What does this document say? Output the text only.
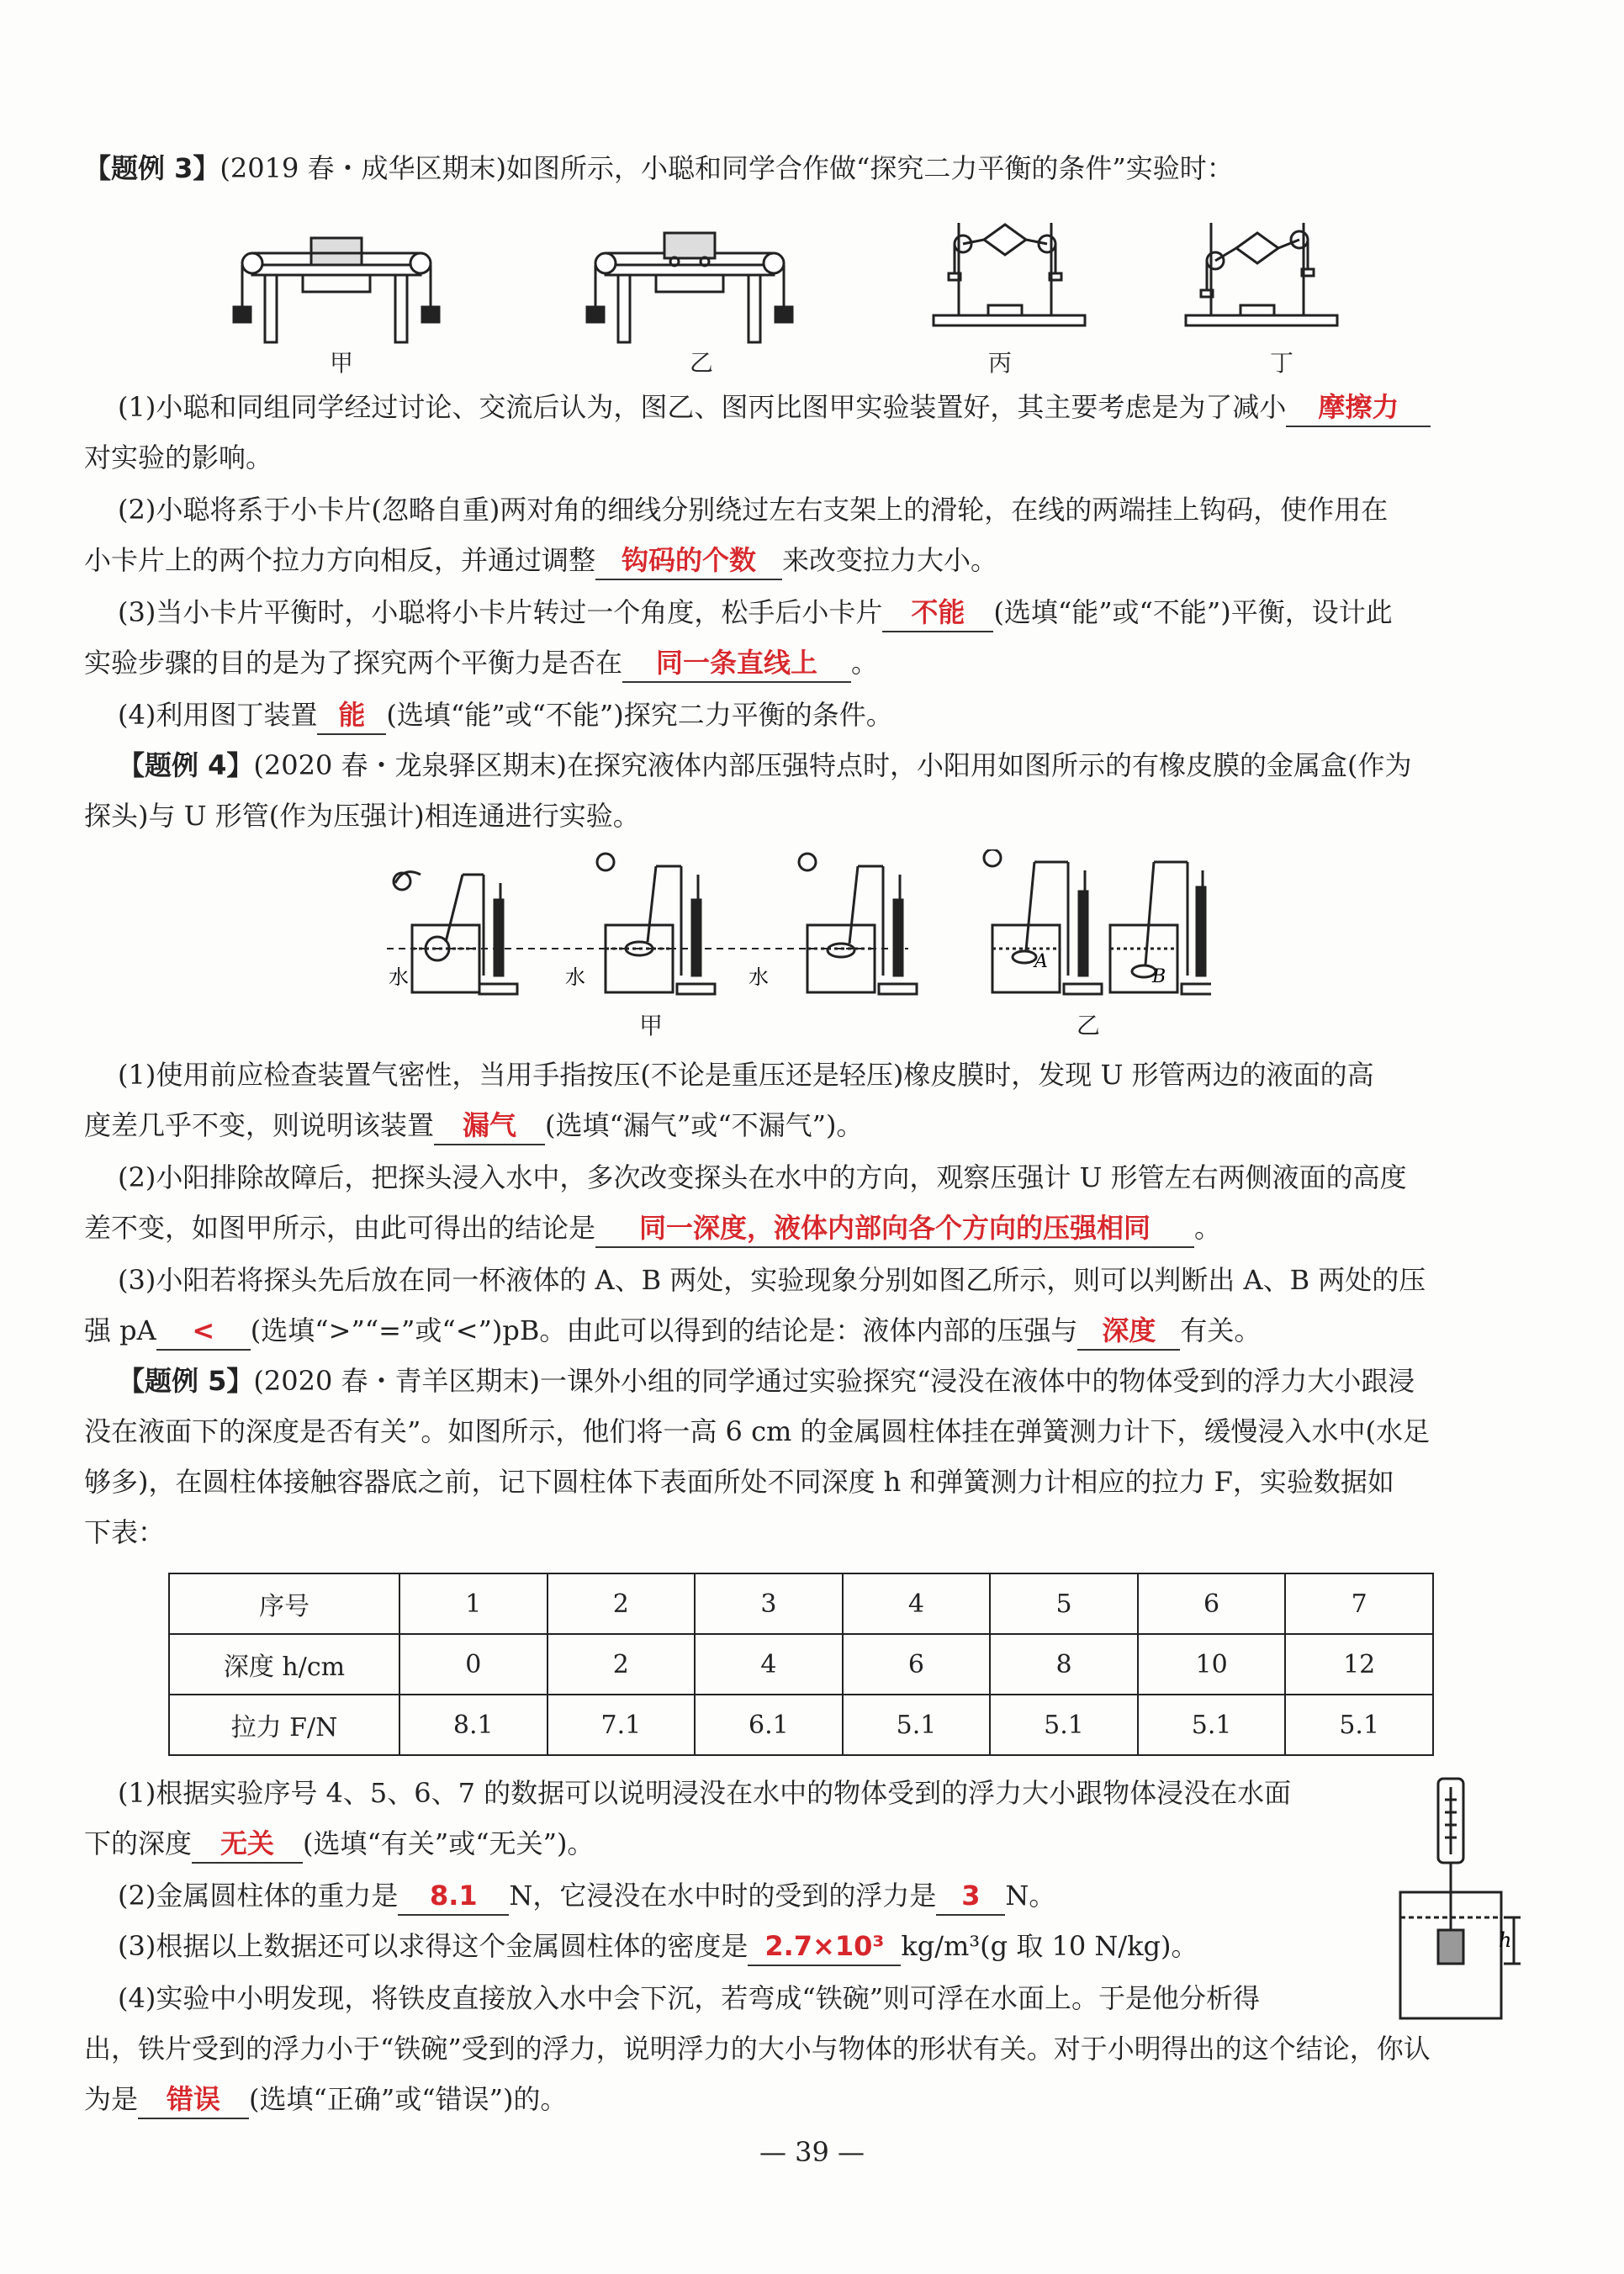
【题例 3】(2019 春・成华区期末)如图所示，小聪和同学合作做“探究二力平衡的条件”实验时：
甲	乙	丙	丁
(1)小聪和同组同学经过讨论、交流后认为，图乙、图丙比图甲实验装置好，其主要考虑是为了减小 摩擦力
对实验的影响。
(2)小聪将系于小卡片(忽略自重)两对角的细线分别绕过左右支架上的滑轮，在线的两端挂上钩码，使作用在
小卡片上的两个拉力方向相反，并通过调整 钩码的个数 来改变拉力大小。
(3)当小卡片平衡时，小聪将小卡片转过一个角度，松手后小卡片 不能 (选填“能”或“不能”)平衡，设计此
实验步骤的目的是为了探究两个平衡力是否在 同一条直线上 。
(4)利用图丁装置 能 (选填“能”或“不能”)探究二力平衡的条件。
【题例 4】(2020 春・龙泉驿区期末)在探究液体内部压强特点时，小阳用如图所示的有橡皮膜的金属盒(作为
探头)与 U 形管(作为压强计)相连通进行实验。
水	水	水
A
B
甲	乙
(1)使用前应检查装置气密性，当用手指按压(不论是重压还是轻压)橡皮膜时，发现 U 形管两边的液面的高
度差几乎不变，则说明该装置 漏气 (选填“漏气”或“不漏气”)。
(2)小阳排除故障后，把探头浸入水中，多次改变探头在水中的方向，观察压强计 U 形管左右两侧液面的高度
差不变，如图甲所示，由此可得出的结论是 同一深度，液体内部向各个方向的压强相同 。
(3)小阳若将探头先后放在同一杯液体的 A、B 两处，实验现象分别如图乙所示，则可以判断出 A、B 两处的压
强 pA < (选填“>”“=”或“<”)pB。由此可以得到的结论是：液体内部的压强与 深度 有关。
【题例 5】(2020 春・青羊区期末)一课外小组的同学通过实验探究“浸没在液体中的物体受到的浮力大小跟浸
没在液面下的深度是否有关”。如图所示，他们将一高 6 cm 的金属圆柱体挂在弹簧测力计下，缓慢浸入水中(水足
够多)，在圆柱体接触容器底之前，记下圆柱体下表面所处不同深度 h 和弹簧测力计相应的拉力 F，实验数据如
下表：
序号	1	2	3	4	5	6	7
深度 h/cm	0	2	4	6	8	10	12
拉力 F/N	8.1	7.1	6.1	5.1	5.1	5.1	5.1
h
(1)根据实验序号 4、5、6、7 的数据可以说明浸没在水中的物体受到的浮力大小跟物体浸没在水面
下的深度 无关 (选填“有关”或“无关”)。
(2)金属圆柱体的重力是 8.1 N，它浸没在水中时的受到的浮力是 3 N。
(3)根据以上数据还可以求得这个金属圆柱体的密度是 2.7×10³ kg/m³(g 取 10 N/kg)。
(4)实验中小明发现，将铁皮直接放入水中会下沉，若弯成“铁碗”则可浮在水面上。于是他分析得
出，铁片受到的浮力小于“铁碗”受到的浮力，说明浮力的大小与物体的形状有关。对于小明得出的这个结论，你认
为是 错误 (选填“正确”或“错误”)的。
— 39 —
